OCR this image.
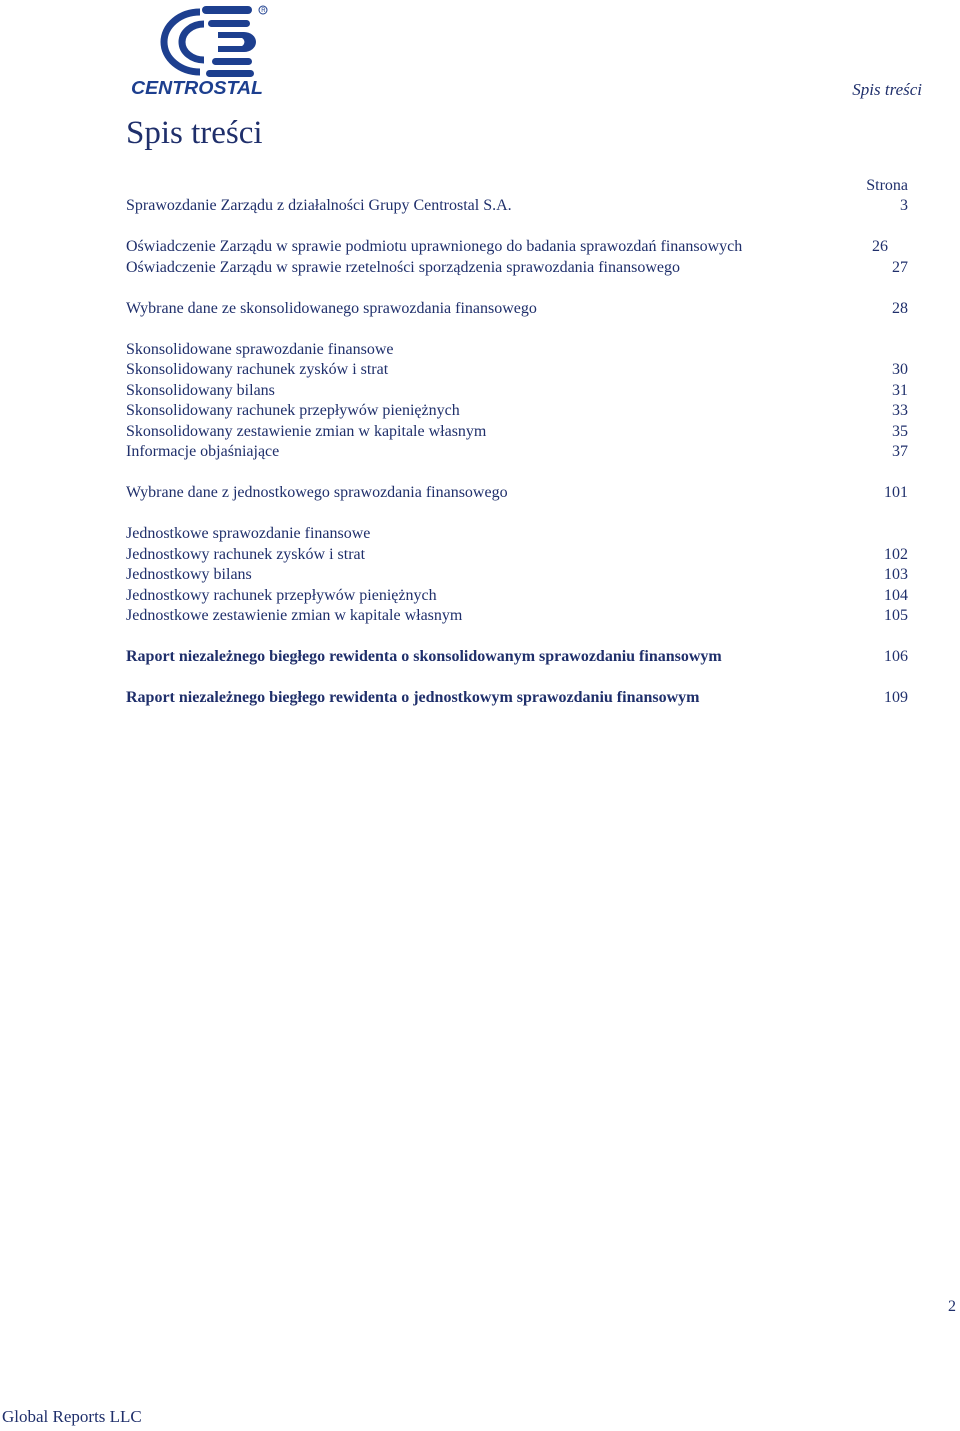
R
CENTROSTAL	Spis treści
Spis treści
Strona
Sprawozdanie Zarządu z działalności Grupy Centrostal S.A.	3
Oświadczenie Zarządu w sprawie podmiotu uprawnionego do badania sprawozdań finansowych	26
Oświadczenie Zarządu w sprawie rzetelności sporządzenia sprawozdania finansowego	27
Wybrane dane ze skonsolidowanego sprawozdania finansowego	28
Skonsolidowane sprawozdanie finansowe
Skonsolidowany rachunek zysków i strat	30
Skonsolidowany bilans	31
Skonsolidowany rachunek przepływów pieniężnych	33
Skonsolidowany zestawienie zmian w kapitale własnym	35
Informacje objaśniające	37
Wybrane dane z jednostkowego sprawozdania finansowego	101
Jednostkowe sprawozdanie finansowe
Jednostkowy rachunek zysków i strat	102
Jednostkowy bilans	103
Jednostkowy rachunek przepływów pieniężnych	104
Jednostkowe zestawienie zmian w kapitale własnym	105
Raport niezależnego biegłego rewidenta o skonsolidowanym sprawozdaniu finansowym	106
Raport niezależnego biegłego rewidenta o jednostkowym sprawozdaniu finansowym	109
2
Global Reports LLC
